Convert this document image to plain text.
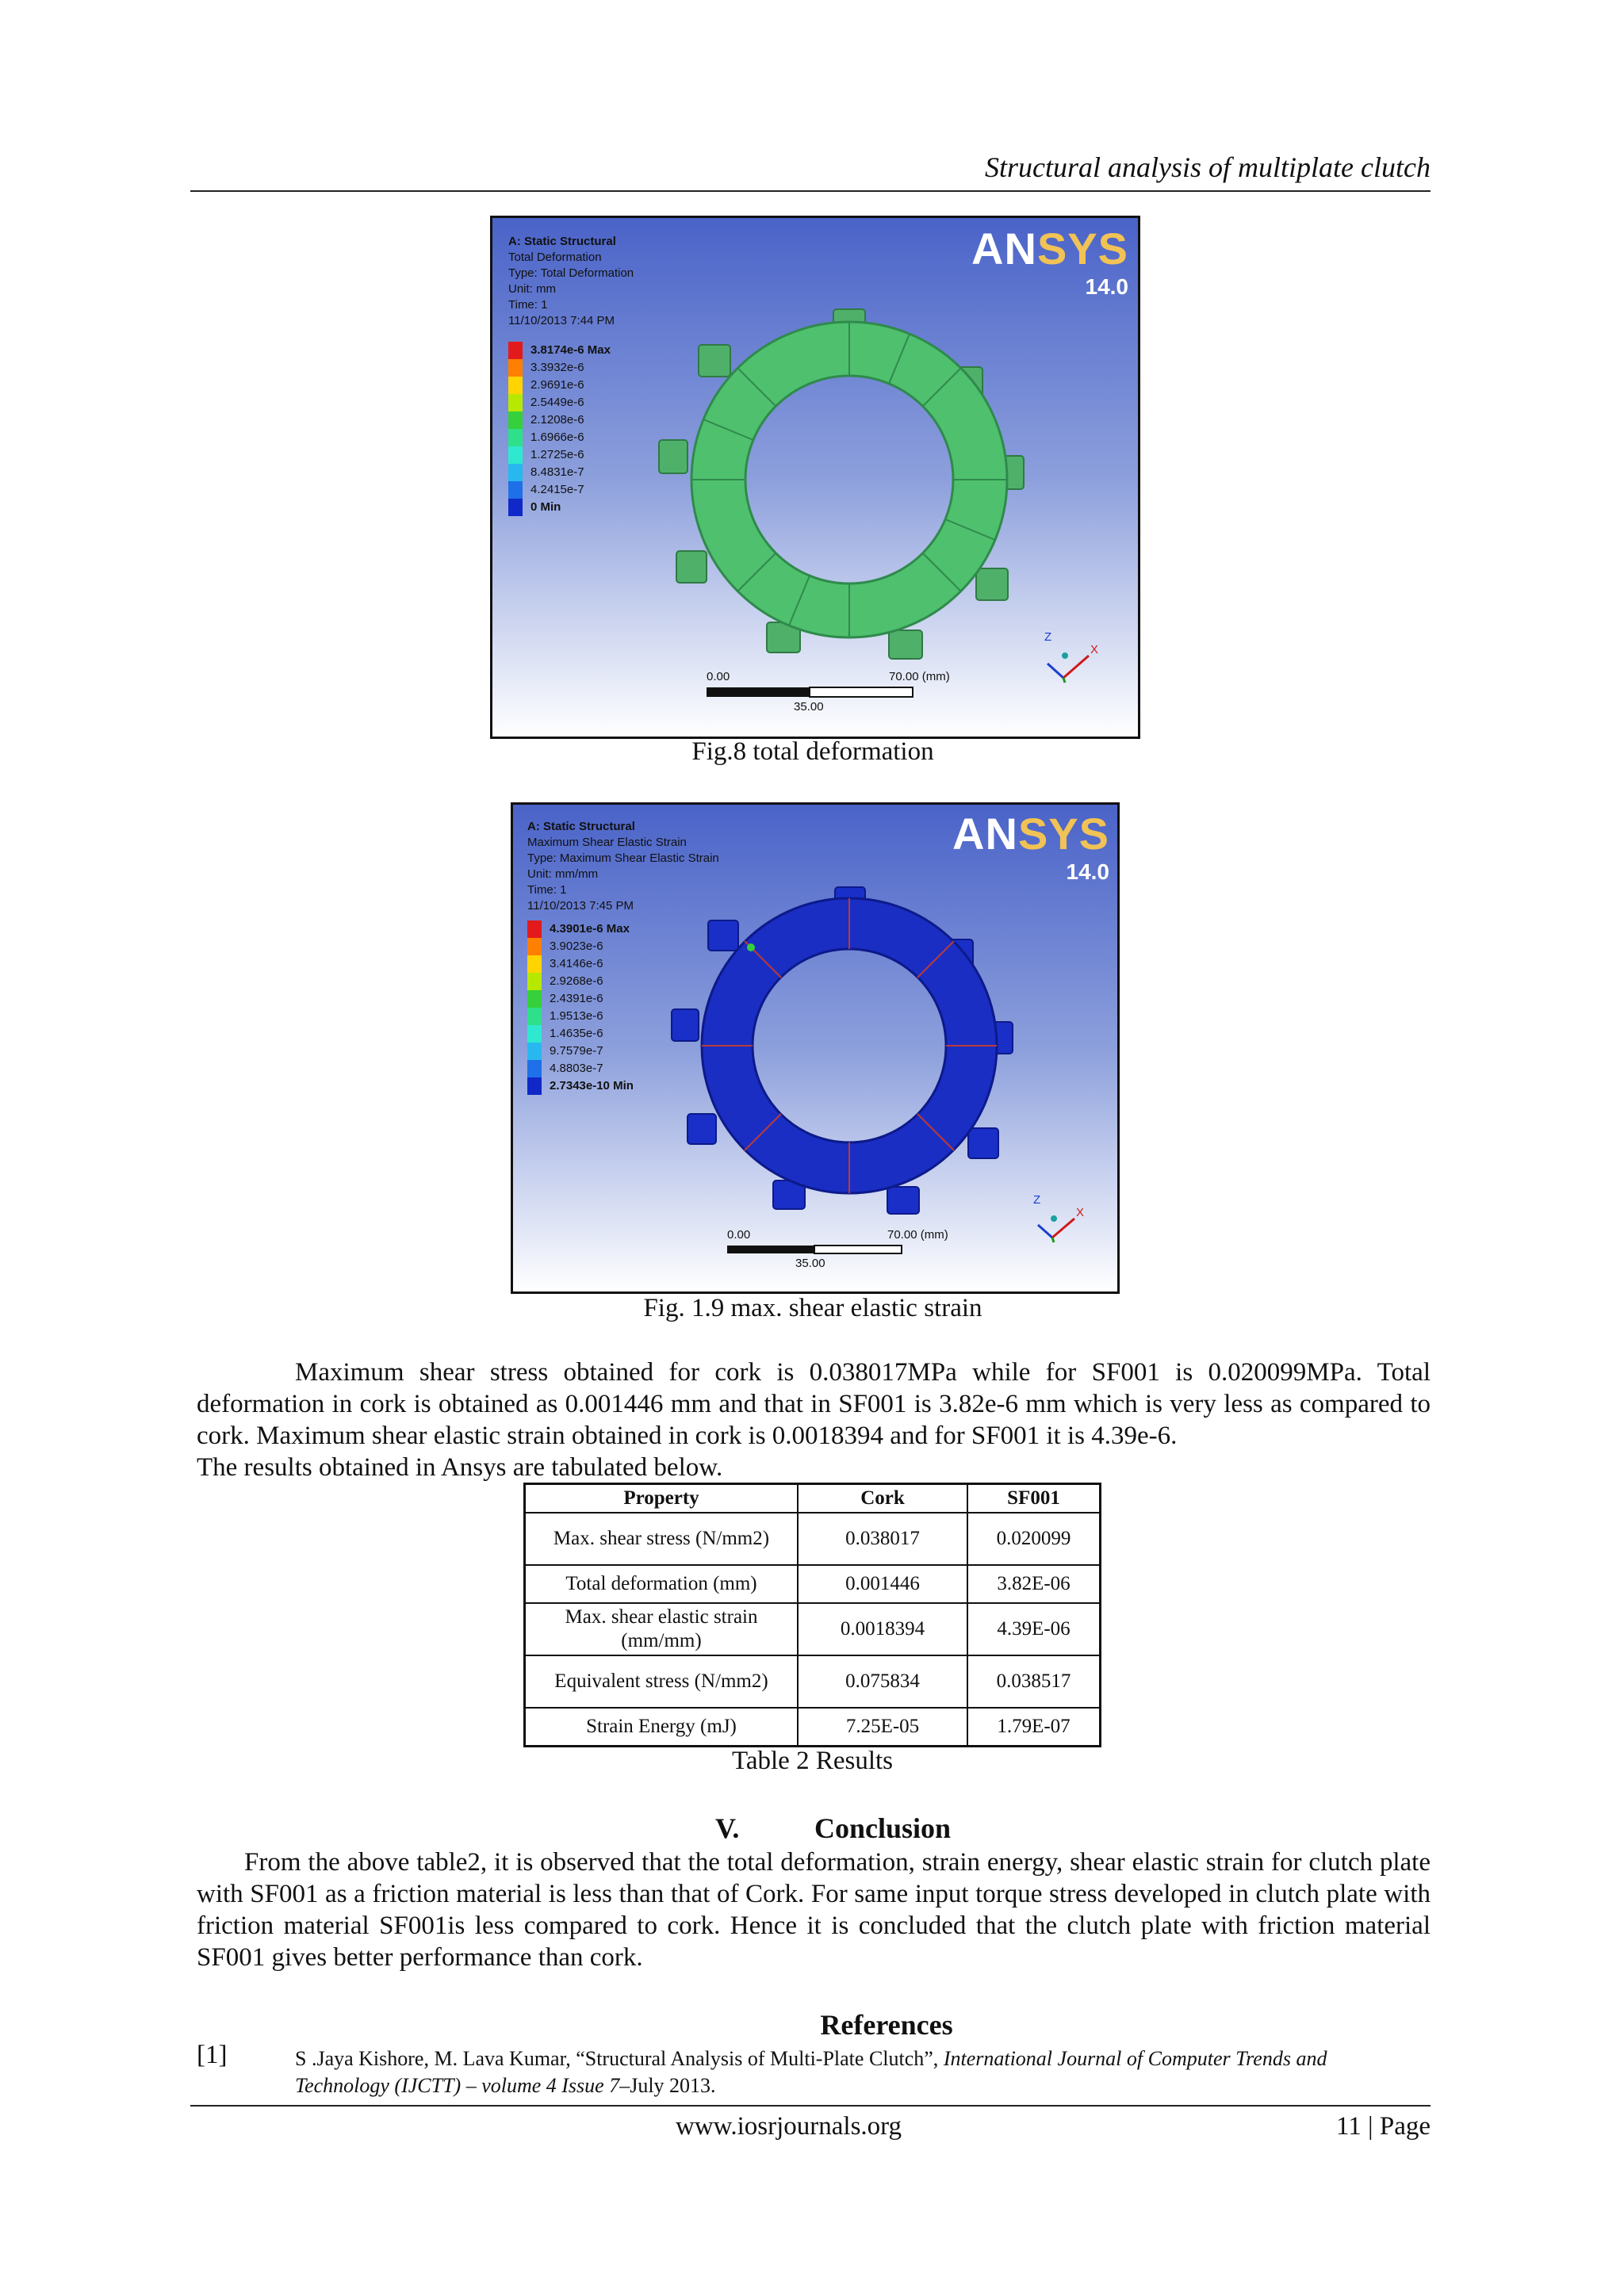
Structural analysis of multiplate clutch
A: Static Structural
Total Deformation
Type: Total Deformation
Unit: mm
Time: 1
11/10/2013 7:44 PM
3.8174e-6 Max
3.3932e-6
2.9691e-6
2.5449e-6
2.1208e-6
1.6966e-6
1.2725e-6
8.4831e-7
4.2415e-7
0 Min
ANSYS
14.0
0.00	70.00 (mm)
35.00
Z
X
Fig.8 total deformation
A: Static Structural
Maximum Shear Elastic Strain
Type: Maximum Shear Elastic Strain
Unit: mm/mm
Time: 1
11/10/2013 7:45 PM
4.3901e-6 Max
3.9023e-6
3.4146e-6
2.9268e-6
2.4391e-6
1.9513e-6
1.4635e-6
9.7579e-7
4.8803e-7
2.7343e-10 Min
ANSYS
14.0
0.00	70.00 (mm)
35.00
Z
X
Fig. 1.9 max. shear elastic strain
Maximum shear stress obtained for cork is 0.038017MPa while for SF001 is 0.020099MPa. Total deformation in cork is obtained as 0.001446 mm and that in SF001 is 3.82e-6 mm which is very less as compared to cork. Maximum shear elastic strain obtained in cork is 0.0018394 and for SF001 it is 4.39e-6.
The results obtained in Ansys are tabulated below.
Property	Cork	SF001
Max. shear stress (N/mm2)	0.038017	0.020099
Total deformation (mm)	0.001446	3.82E-06
Max. shear elastic strain (mm/mm)	0.0018394	4.39E-06
Equivalent stress (N/mm2)	0.075834	0.038517
Strain Energy (mJ)	7.25E-05	1.79E-07
Table 2 Results
V.	Conclusion
From the above table2, it is observed that the total deformation, strain energy, shear elastic strain for clutch plate with SF001 as a friction material is less than that of Cork. For same input torque stress developed in clutch plate with friction material SF001is less compared to cork. Hence it is concluded that the clutch plate with friction material SF001 gives better performance than cork.
References
[1]	S .Jaya Kishore, M. Lava Kumar, “Structural Analysis of Multi-Plate Clutch”, International Journal of Computer Trends and Technology (IJCTT) – volume 4 Issue 7–July 2013.
www.iosrjournals.org	11 | Page
